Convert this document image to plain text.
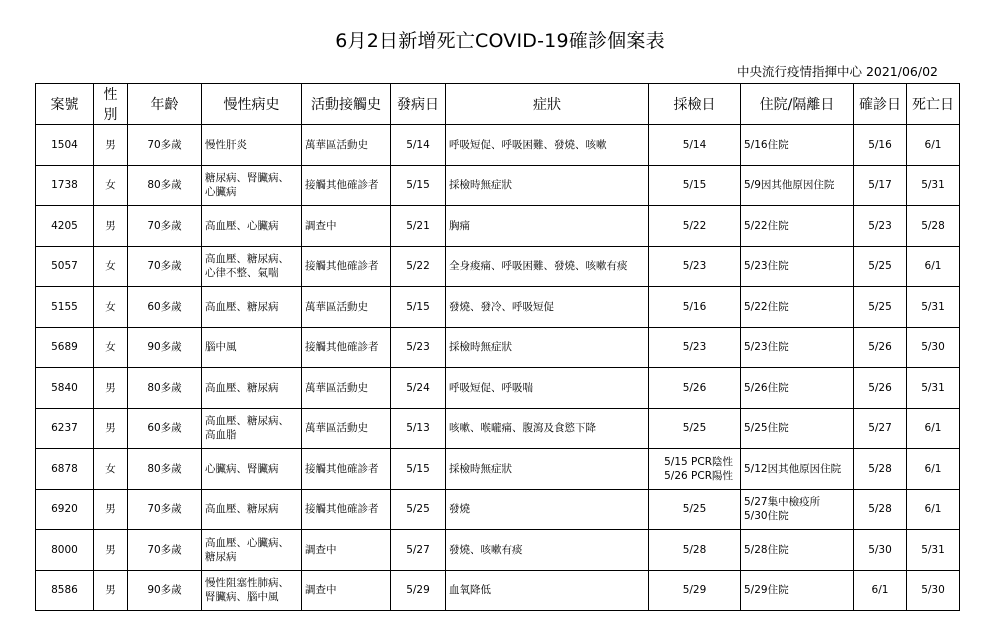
6月2日新增死亡COVID-19確診個案表
中央流行疫情指揮中心 2021/06/02
案號	性別	年齡	慢性病史	活動接觸史	發病日	症狀	採檢日	住院/隔離日	確診日	死亡日
1504	男	70多歲	慢性肝炎	萬華區活動史	5/14	呼吸短促、呼吸困難、發燒、咳嗽	5/14	5/16住院	5/16	6/1
1738	女	80多歲	糖尿病、腎臟病、
心臟病	接觸其他確診者	5/15	採檢時無症狀	5/15	5/9因其他原因住院	5/17	5/31
4205	男	70多歲	高血壓、心臟病	調查中	5/21	胸痛	5/22	5/22住院	5/23	5/28
5057	女	70多歲	高血壓、糖尿病、
心律不整、氣喘	接觸其他確診者	5/22	全身痠痛、呼吸困難、發燒、咳嗽有痰	5/23	5/23住院	5/25	6/1
5155	女	60多歲	高血壓、糖尿病	萬華區活動史	5/15	發燒、發冷、呼吸短促	5/16	5/22住院	5/25	5/31
5689	女	90多歲	腦中風	接觸其他確診者	5/23	採檢時無症狀	5/23	5/23住院	5/26	5/30
5840	男	80多歲	高血壓、糖尿病	萬華區活動史	5/24	呼吸短促、呼吸喘	5/26	5/26住院	5/26	5/31
6237	男	60多歲	高血壓、糖尿病、
高血脂	萬華區活動史	5/13	咳嗽、喉嚨痛、腹瀉及食慾下降	5/25	5/25住院	5/27	6/1
6878	女	80多歲	心臟病、腎臟病	接觸其他確診者	5/15	採檢時無症狀	5/15 PCR陰性
5/26 PCR陽性	5/12因其他原因住院	5/28	6/1
6920	男	70多歲	高血壓、糖尿病	接觸其他確診者	5/25	發燒	5/25	5/27集中檢疫所
5/30住院	5/28	6/1
8000	男	70多歲	高血壓、心臟病、
糖尿病	調查中	5/27	發燒、咳嗽有痰	5/28	5/28住院	5/30	5/31
8586	男	90多歲	慢性阻塞性肺病、
腎臟病、腦中風	調查中	5/29	血氧降低	5/29	5/29住院	6/1	5/30
